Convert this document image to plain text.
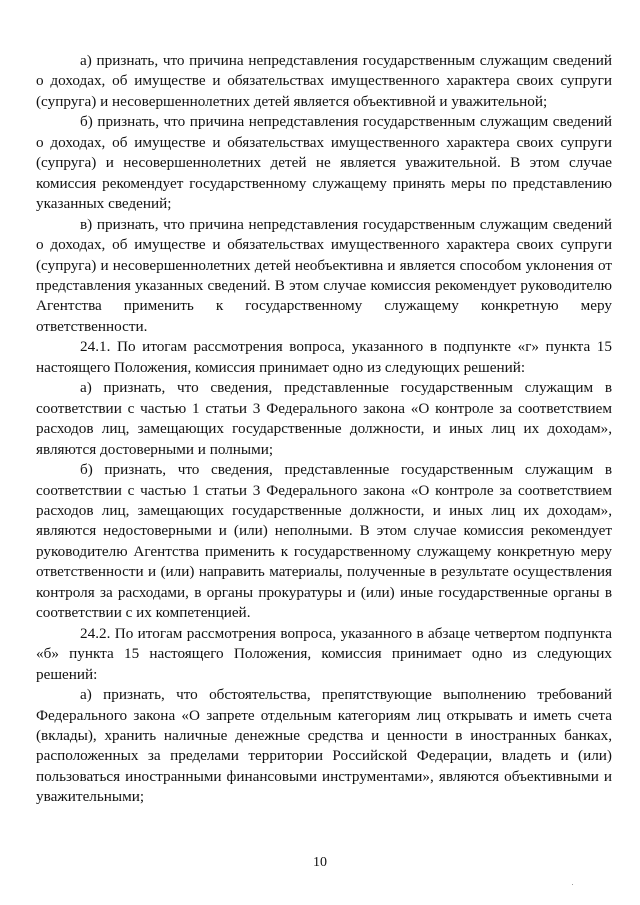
а) признать, что причина непредставления государственным служащим сведений о доходах, об имуществе и обязательствах имущественного характера своих супруги (супруга) и несовершеннолетних детей является объективной и уважительной;

б) признать, что причина непредставления государственным служащим сведений о доходах, об имуществе и обязательствах имущественного характера своих супруги (супруга) и несовершеннолетних детей не является уважительной. В этом случае комиссия рекомендует государственному служащему принять меры по представлению указанных сведений;

в) признать, что причина непредставления государственным служащим сведений о доходах, об имуществе и обязательствах имущественного характера своих супруги (супруга) и несовершеннолетних детей необъективна и является способом уклонения от представления указанных сведений. В этом случае комиссия рекомендует руководителю Агентства применить к государственному служащему конкретную меру ответственности.

24.1. По итогам рассмотрения вопроса, указанного в подпункте «г» пункта 15 настоящего Положения, комиссия принимает одно из следующих решений:

а) признать, что сведения, представленные государственным служащим в соответствии с частью 1 статьи 3 Федерального закона «О контроле за соответствием расходов лиц, замещающих государственные должности, и иных лиц их доходам», являются достоверными и полными;

б) признать, что сведения, представленные государственным служащим в соответствии с частью 1 статьи 3 Федерального закона «О контроле за соответствием расходов лиц, замещающих государственные должности, и иных лиц их доходам», являются недостоверными и (или) неполными. В этом случае комиссия рекомендует руководителю Агентства применить к государственному служащему конкретную меру ответственности и (или) направить материалы, полученные в результате осуществления контроля за расходами, в органы прокуратуры и (или) иные государственные органы в соответствии с их компетенцией.

24.2. По итогам рассмотрения вопроса, указанного в абзаце четвертом подпункта «б» пункта 15 настоящего Положения, комиссия принимает одно из следующих решений:

а) признать, что обстоятельства, препятствующие выполнению требований Федерального закона «О запрете отдельным категориям лиц открывать и иметь счета (вклады), хранить наличные денежные средства и ценности в иностранных банках, расположенных за пределами территории Российской Федерации, владеть и (или) пользоваться иностранными финансовыми инструментами», являются объективными и уважительными;

10
